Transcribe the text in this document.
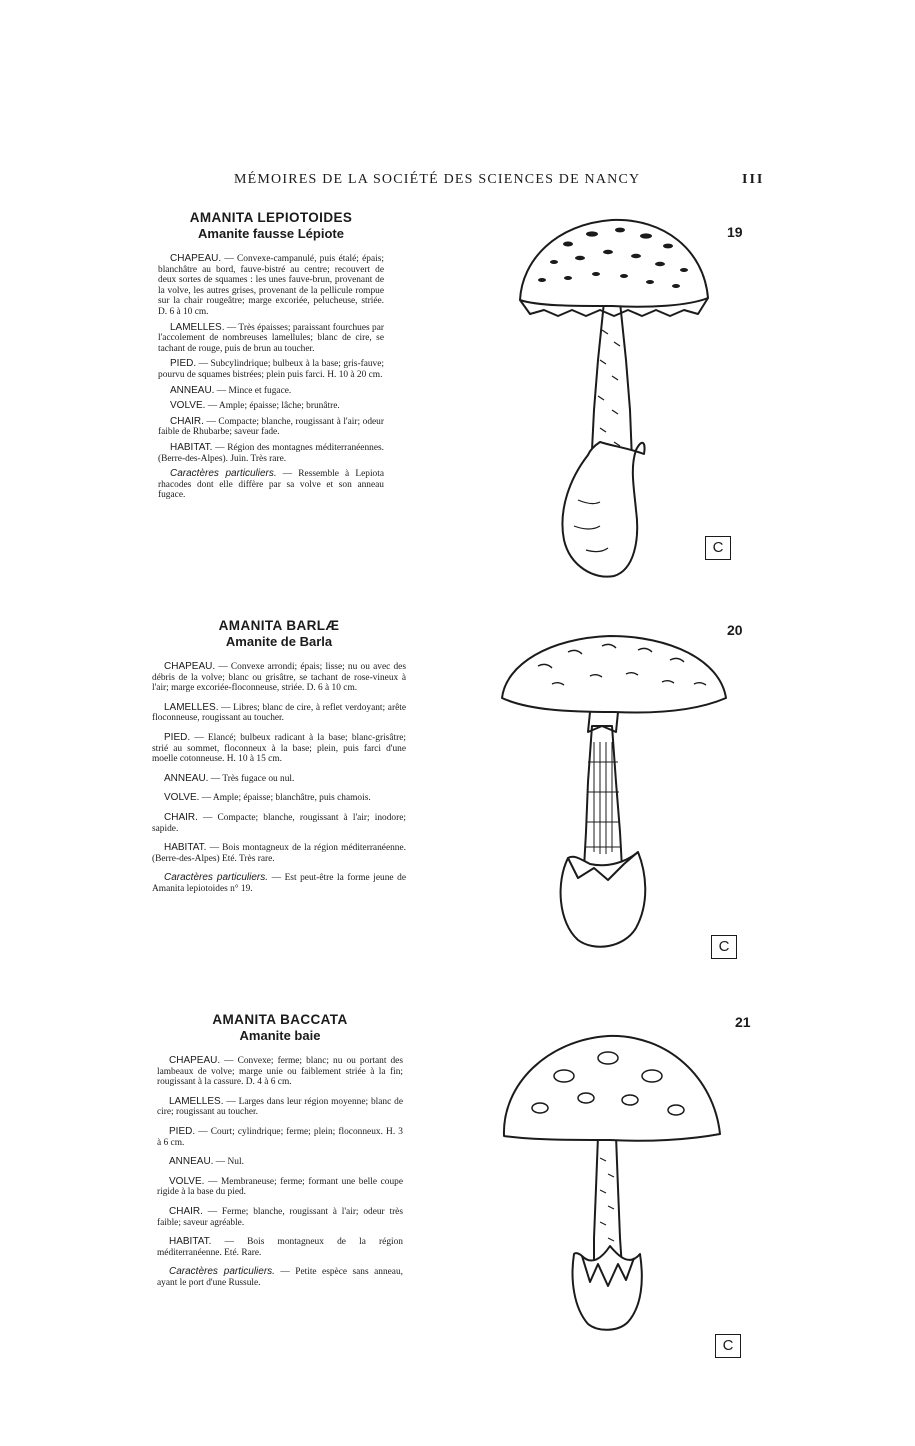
MÉMOIRES DE LA SOCIÉTÉ DES SCIENCES DE NANCY	III
AMANITA LEPIOTOIDES
Amanite fausse Lépiote

CHAPEAU. — Convexe-campanulé, puis étalé; épais; blanchâtre au bord, fauve-bistré au centre; recouvert de deux sortes de squames : les unes fauve-brun, provenant de la volve, les autres grises, provenant de la pellicule rompue sur la chair rougeâtre; marge excoriée, pelucheuse, striée. D. 6 à 10 cm.

LAMELLES. — Très épaisses; paraissant fourchues par l'accolement de nombreuses lamellules; blanc de cire, se tachant de rouge, puis de brun au toucher.

PIED. — Subcylindrique; bulbeux à la base; gris-fauve; pourvu de squames bistrées; plein puis farci. H. 10 à 20 cm.

ANNEAU. — Mince et fugace.

VOLVE. — Ample; épaisse; lâche; brunâtre.

CHAIR. — Compacte; blanche, rougissant à l'air; odeur faible de Rhubarbe; saveur fade.

HABITAT. — Région des montagnes méditerranéennes. (Berre-des-Alpes). Juin. Très rare.

Caractères particuliers. — Ressemble à Lepiota rhacodes dont elle diffère par sa volve et son anneau fugace.

19
C
AMANITA BARLÆ
Amanite de Barla

CHAPEAU. — Convexe arrondi; épais; lisse; nu ou avec des débris de la volve; blanc ou grisâtre, se tachant de rose-vineux à l'air; marge excoriée-floconneuse, striée. D. 6 à 10 cm.

LAMELLES. — Libres; blanc de cire, à reflet verdoyant; arête floconneuse, rougissant au toucher.

PIED. — Elancé; bulbeux radicant à la base; blanc-grisâtre; strié au sommet, floconneux à la base; plein, puis farci d'une moelle cotonneuse. H. 10 à 15 cm.

ANNEAU. — Très fugace ou nul.

VOLVE. — Ample; épaisse; blanchâtre, puis chamois.

CHAIR. — Compacte; blanche, rougissant à l'air; inodore; sapide.

HABITAT. — Bois montagneux de la région méditerranéenne. (Berre-des-Alpes) Eté. Très rare.

Caractères particuliers. — Est peut-être la forme jeune de Amanita lepiotoides n° 19.

20
C
AMANITA BACCATA
Amanite baie

CHAPEAU. — Convexe; ferme; blanc; nu ou portant des lambeaux de volve; marge unie ou faiblement striée à la fin; rougissant à la cassure. D. 4 à 6 cm.

LAMELLES. — Larges dans leur région moyenne; blanc de cire; rougissant au toucher.

PIED. — Court; cylindrique; ferme; plein; floconneux. H. 3 à 6 cm.

ANNEAU. — Nul.

VOLVE. — Membraneuse; ferme; formant une belle coupe rigide à la base du pied.

CHAIR. — Ferme; blanche, rougissant à l'air; odeur très faible; saveur agréable.

HABITAT. — Bois montagneux de la région méditerranéenne. Eté. Rare.

Caractères particuliers. — Petite espèce sans anneau, ayant le port d'une Russule.

21
C
